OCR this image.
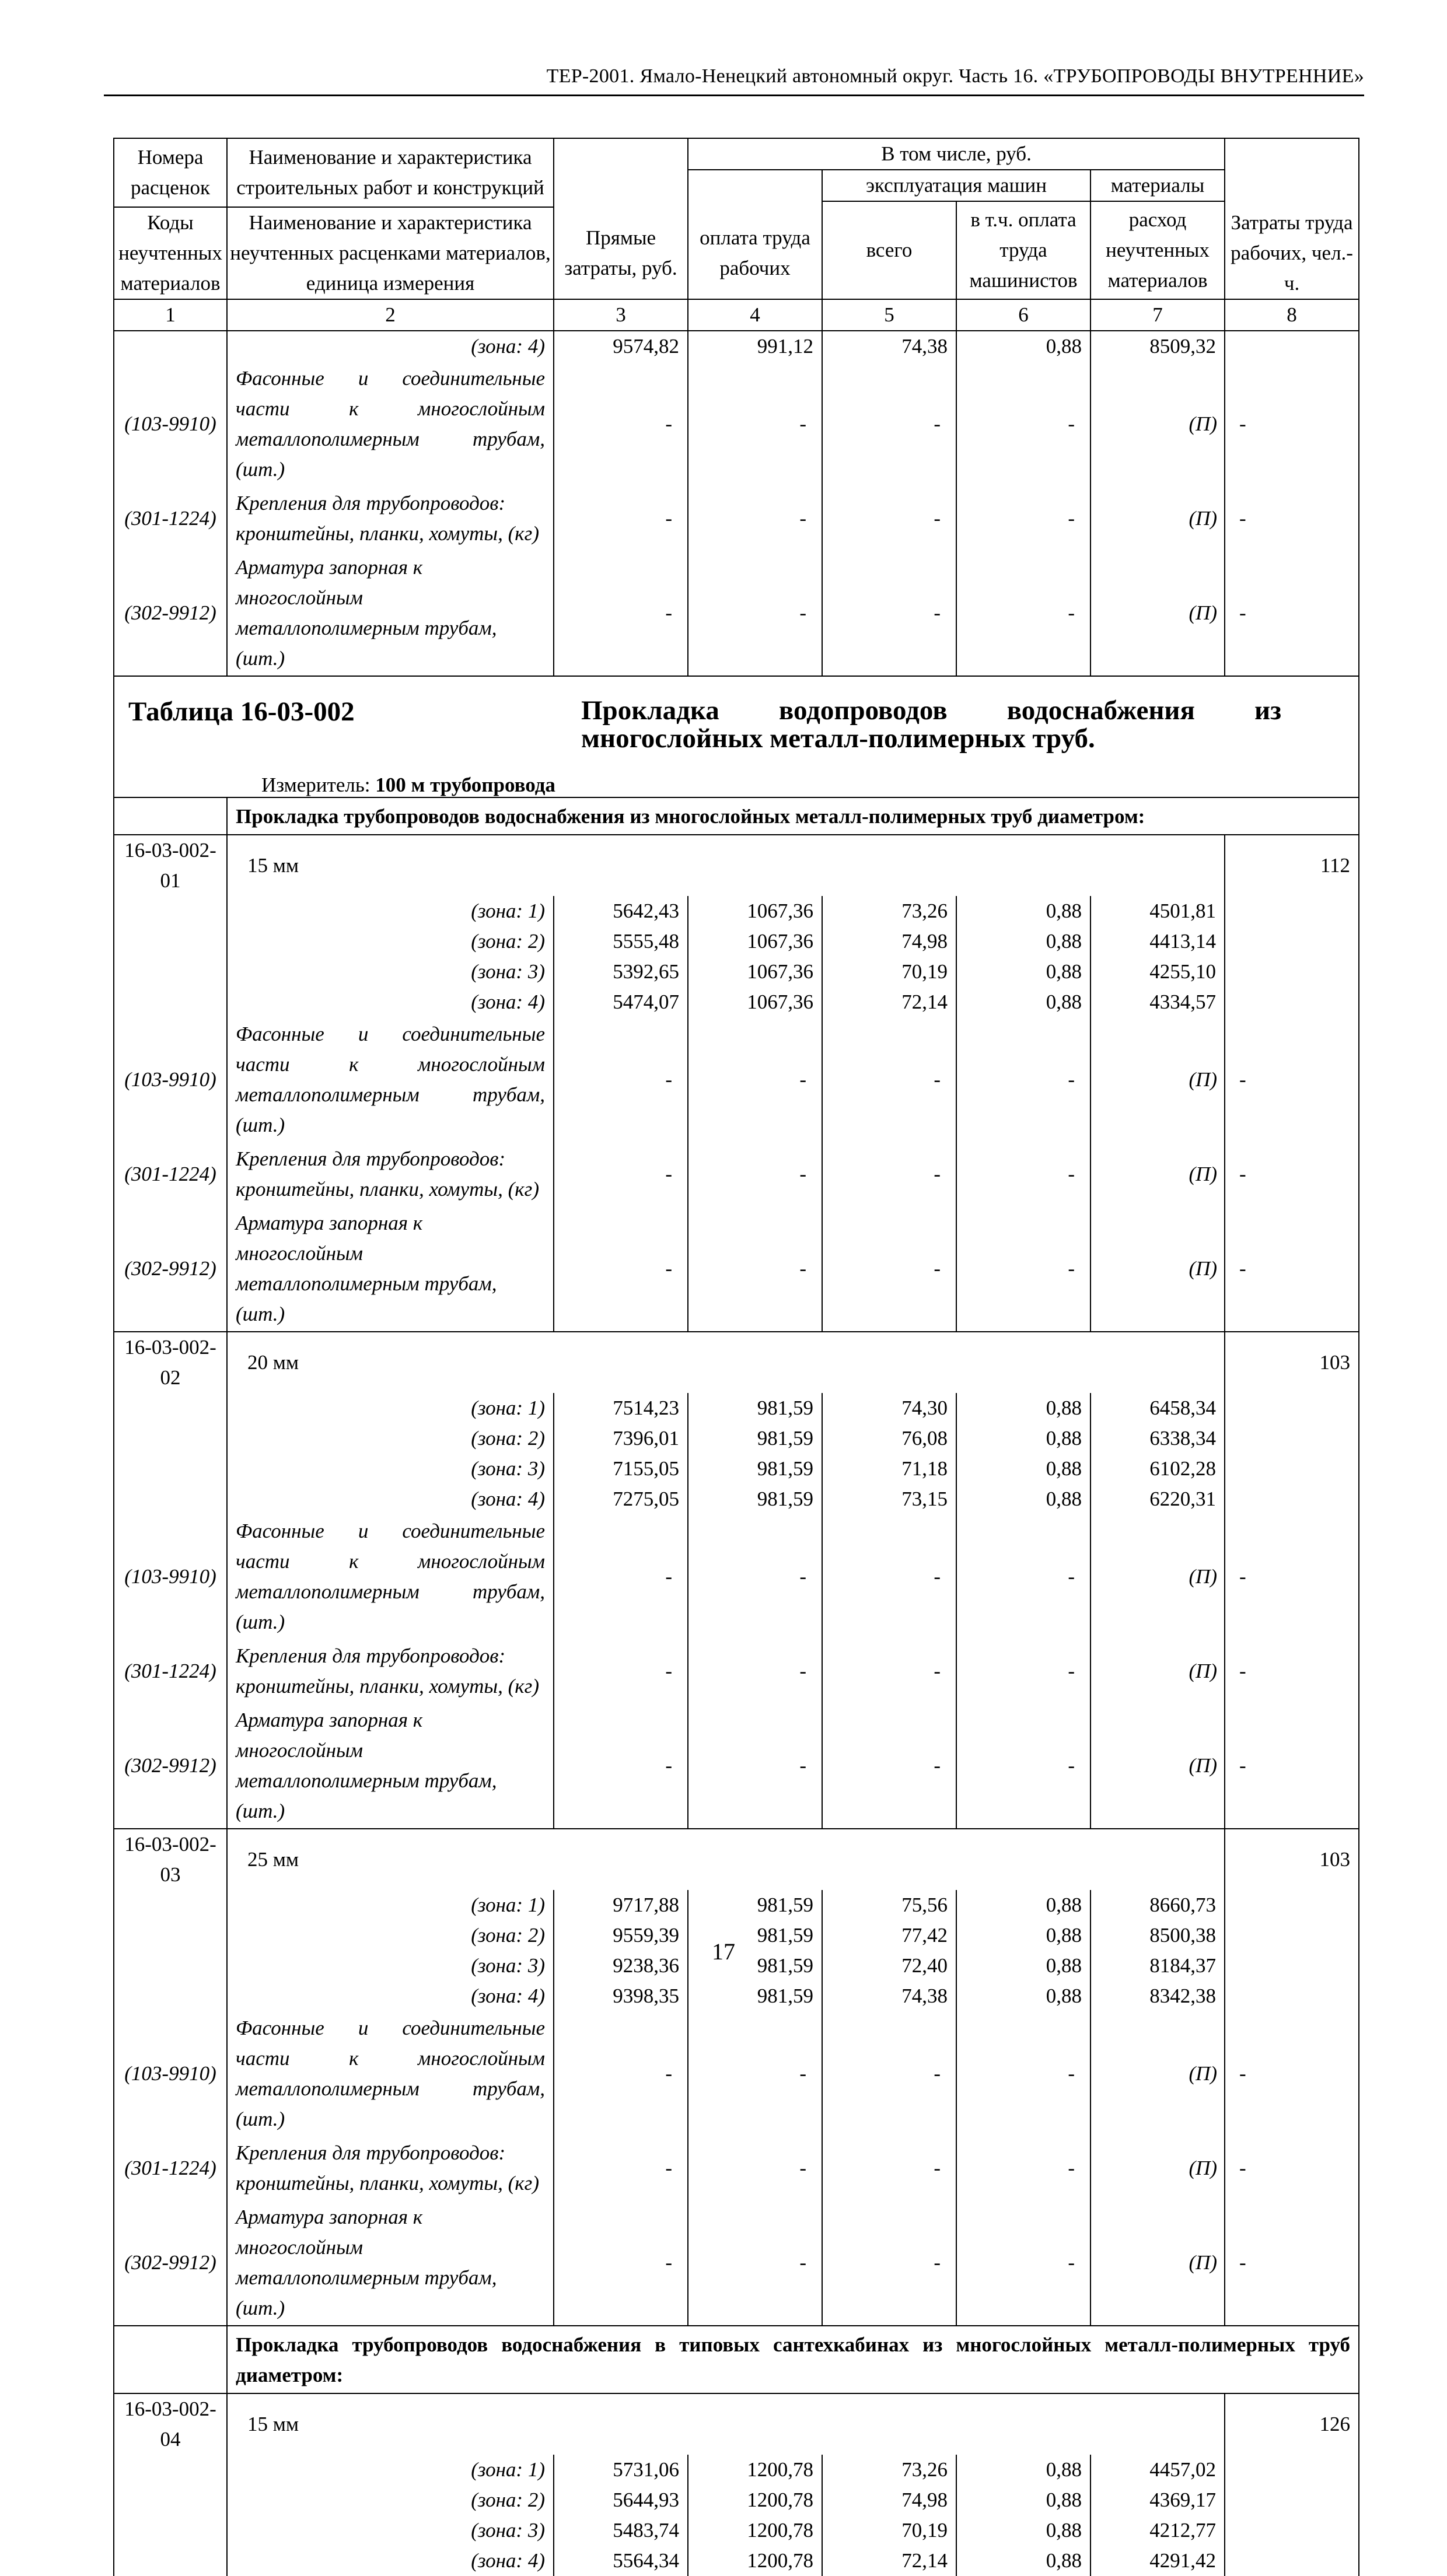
ТЕР-2001. Ямало-Ненецкий автономный округ. Часть 16. «ТРУБОПРОВОДЫ ВНУТРЕННИЕ»
Номера расценок	Наименование и характеристика строительных работ и конструкций		В том числе, руб.				
				эксплуатация машин		материалы	
				всего	в т.ч. оплата труда машинистов	расход неучтенных материалов	
Коды неучтенных материалов	Наименование и характеристика неучтенных расценками материалов, единица измерения	Прямые затраты, руб.	оплата труда рабочих				Затраты труда рабочих, чел.-ч.
1	2	3	4	5	6	7	8
	(зона: 4)	9574,82	991,12	74,38	0,88	8509,32	
(103-9910)	Фасонные и соединительные части к многослойным металлополимерным трубам, (шт.)	-	-	-	-	(П)	-
(301-1224)	Крепления для трубопроводов: кронштейны, планки, хомуты, (кг)	-	-	-	-	(П)	-
(302-9912)	Арматура запорная к многослойным металлополимерным трубам, (шт.)	-	-	-	-	(П)	-

Таблица 16-03-002 Прокладка водопроводов водоснабжения из многослойных металл-полимерных труб.
Измеритель: 100 м трубопровода							

	Прокладка трубопроводов водоснабжения из многослойных металл-полимерных труб диаметром:						
16-03-002-01	15 мм						112
	(зона: 1)	5642,43	1067,36	73,26	0,88	4501,81	
	(зона: 2)	5555,48	1067,36	74,98	0,88	4413,14	
	(зона: 3)	5392,65	1067,36	70,19	0,88	4255,10	
	(зона: 4)	5474,07	1067,36	72,14	0,88	4334,57	
(103-9910)	Фасонные и соединительные части к многослойным металлополимерным трубам, (шт.)	-	-	-	-	(П)	-
(301-1224)	Крепления для трубопроводов: кронштейны, планки, хомуты, (кг)	-	-	-	-	(П)	-
(302-9912)	Арматура запорная к многослойным металлополимерным трубам, (шт.)	-	-	-	-	(П)	-
16-03-002-02	20 мм						103
	(зона: 1)	7514,23	981,59	74,30	0,88	6458,34	
	(зона: 2)	7396,01	981,59	76,08	0,88	6338,34	
	(зона: 3)	7155,05	981,59	71,18	0,88	6102,28	
	(зона: 4)	7275,05	981,59	73,15	0,88	6220,31	
(103-9910)	Фасонные и соединительные части к многослойным металлополимерным трубам, (шт.)	-	-	-	-	(П)	-
(301-1224)	Крепления для трубопроводов: кронштейны, планки, хомуты, (кг)	-	-	-	-	(П)	-
(302-9912)	Арматура запорная к многослойным металлополимерным трубам, (шт.)	-	-	-	-	(П)	-
16-03-002-03	25 мм						103
	(зона: 1)	9717,88	981,59	75,56	0,88	8660,73	
	(зона: 2)	9559,39	981,59	77,42	0,88	8500,38	
	(зона: 3)	9238,36	981,59	72,40	0,88	8184,37	
	(зона: 4)	9398,35	981,59	74,38	0,88	8342,38	
(103-9910)	Фасонные и соединительные части к многослойным металлополимерным трубам, (шт.)	-	-	-	-	(П)	-
(301-1224)	Крепления для трубопроводов: кронштейны, планки, хомуты, (кг)	-	-	-	-	(П)	-
(302-9912)	Арматура запорная к многослойным металлополимерным трубам, (шт.)	-	-	-	-	(П)	-
	Прокладка трубопроводов водоснабжения в типовых сантехкабинах из многослойных металл-полимерных труб диаметром:						
16-03-002-04	15 мм						126
	(зона: 1)	5731,06	1200,78	73,26	0,88	4457,02	
	(зона: 2)	5644,93	1200,78	74,98	0,88	4369,17	
	(зона: 3)	5483,74	1200,78	70,19	0,88	4212,77	
	(зона: 4)	5564,34	1200,78	72,14	0,88	4291,42	
17
